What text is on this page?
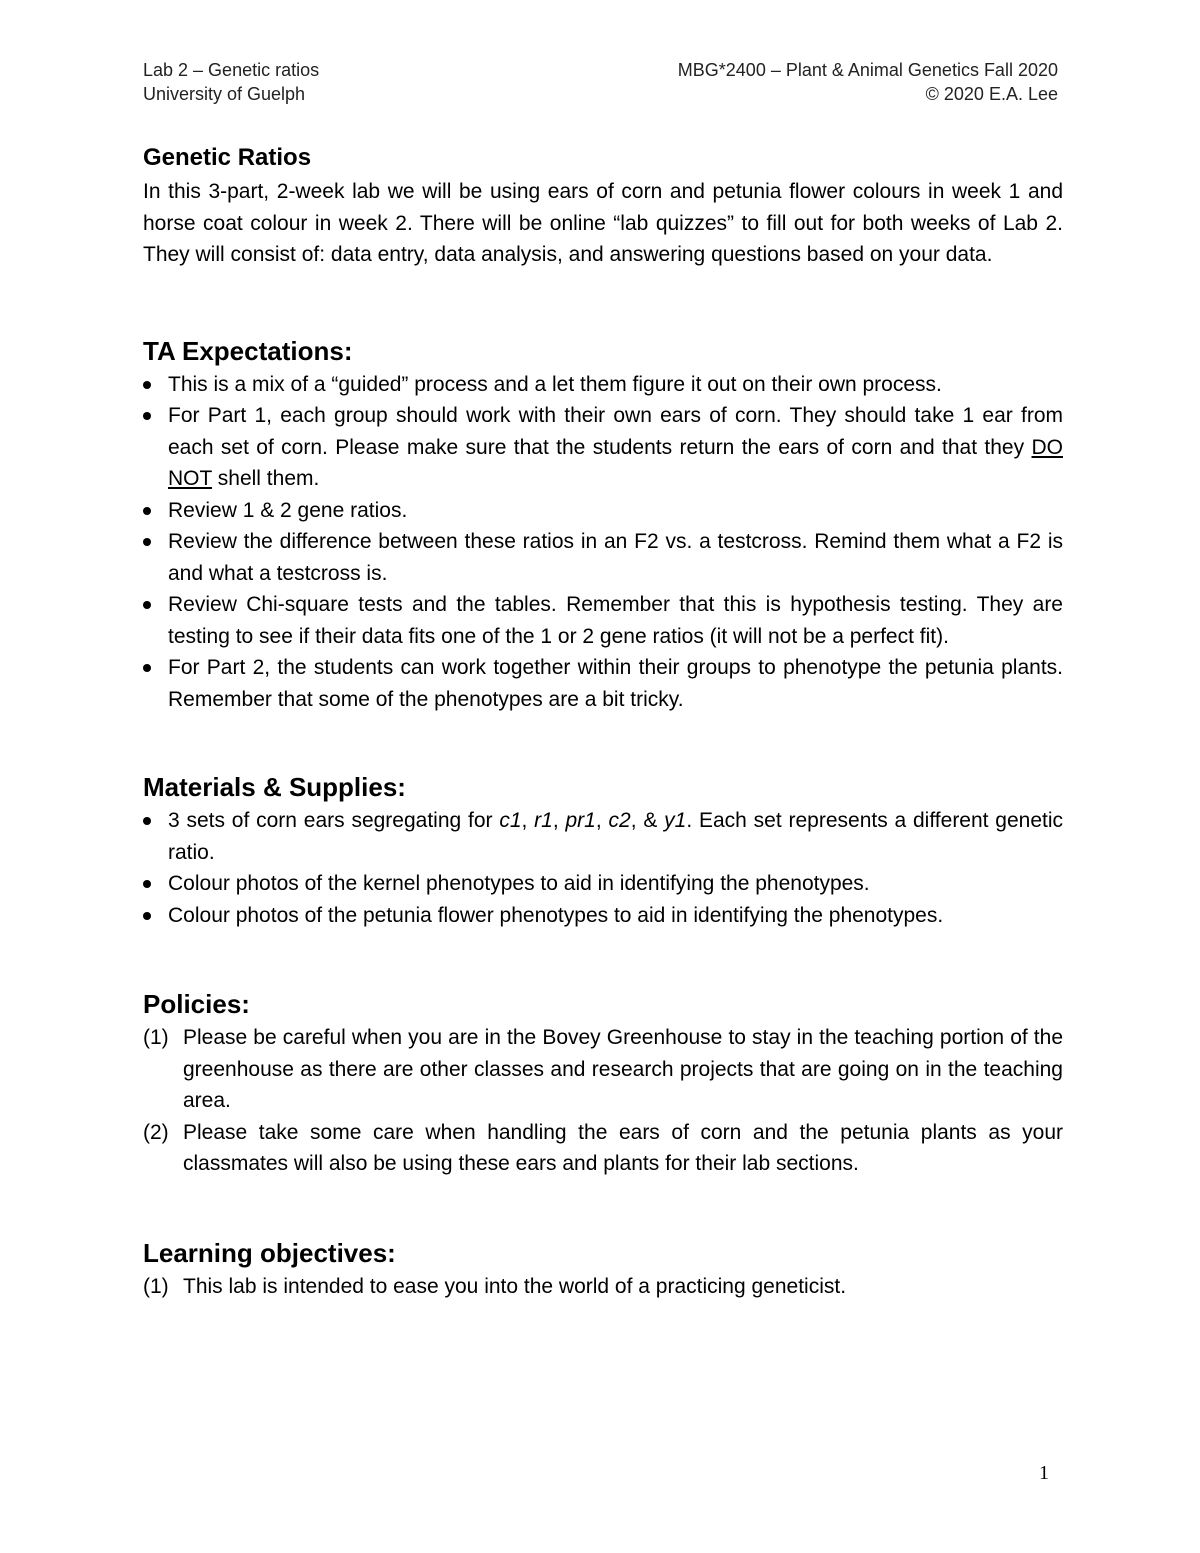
Lab 2 – Genetic ratios
University of Guelph
MBG*2400 – Plant & Animal Genetics Fall 2020
© 2020 E.A. Lee
Genetic Ratios

In this 3-part, 2-week lab we will be using ears of corn and petunia flower colours in week 1 and horse coat colour in week 2. There will be online “lab quizzes” to fill out for both weeks of Lab 2. They will consist of: data entry, data analysis, and answering questions based on your data.

TA Expectations:
This is a mix of a “guided” process and a let them figure it out on their own process.
For Part 1, each group should work with their own ears of corn. They should take 1 ear from each set of corn. Please make sure that the students return the ears of corn and that they DO NOT shell them.
Review 1 & 2 gene ratios.
Review the difference between these ratios in an F2 vs. a testcross. Remind them what a F2 is and what a testcross is.
Review Chi-square tests and the tables. Remember that this is hypothesis testing. They are testing to see if their data fits one of the 1 or 2 gene ratios (it will not be a perfect fit).
For Part 2, the students can work together within their groups to phenotype the petunia plants. Remember that some of the phenotypes are a bit tricky.
Materials & Supplies:
3 sets of corn ears segregating for c1, r1, pr1, c2, & y1. Each set represents a different genetic ratio.
Colour photos of the kernel phenotypes to aid in identifying the phenotypes.
Colour photos of the petunia flower phenotypes to aid in identifying the phenotypes.
Policies:
(1) Please be careful when you are in the Bovey Greenhouse to stay in the teaching portion of the greenhouse as there are other classes and research projects that are going on in the teaching area.
(2) Please take some care when handling the ears of corn and the petunia plants as your classmates will also be using these ears and plants for their lab sections.
Learning objectives:
(1) This lab is intended to ease you into the world of a practicing geneticist.
1
